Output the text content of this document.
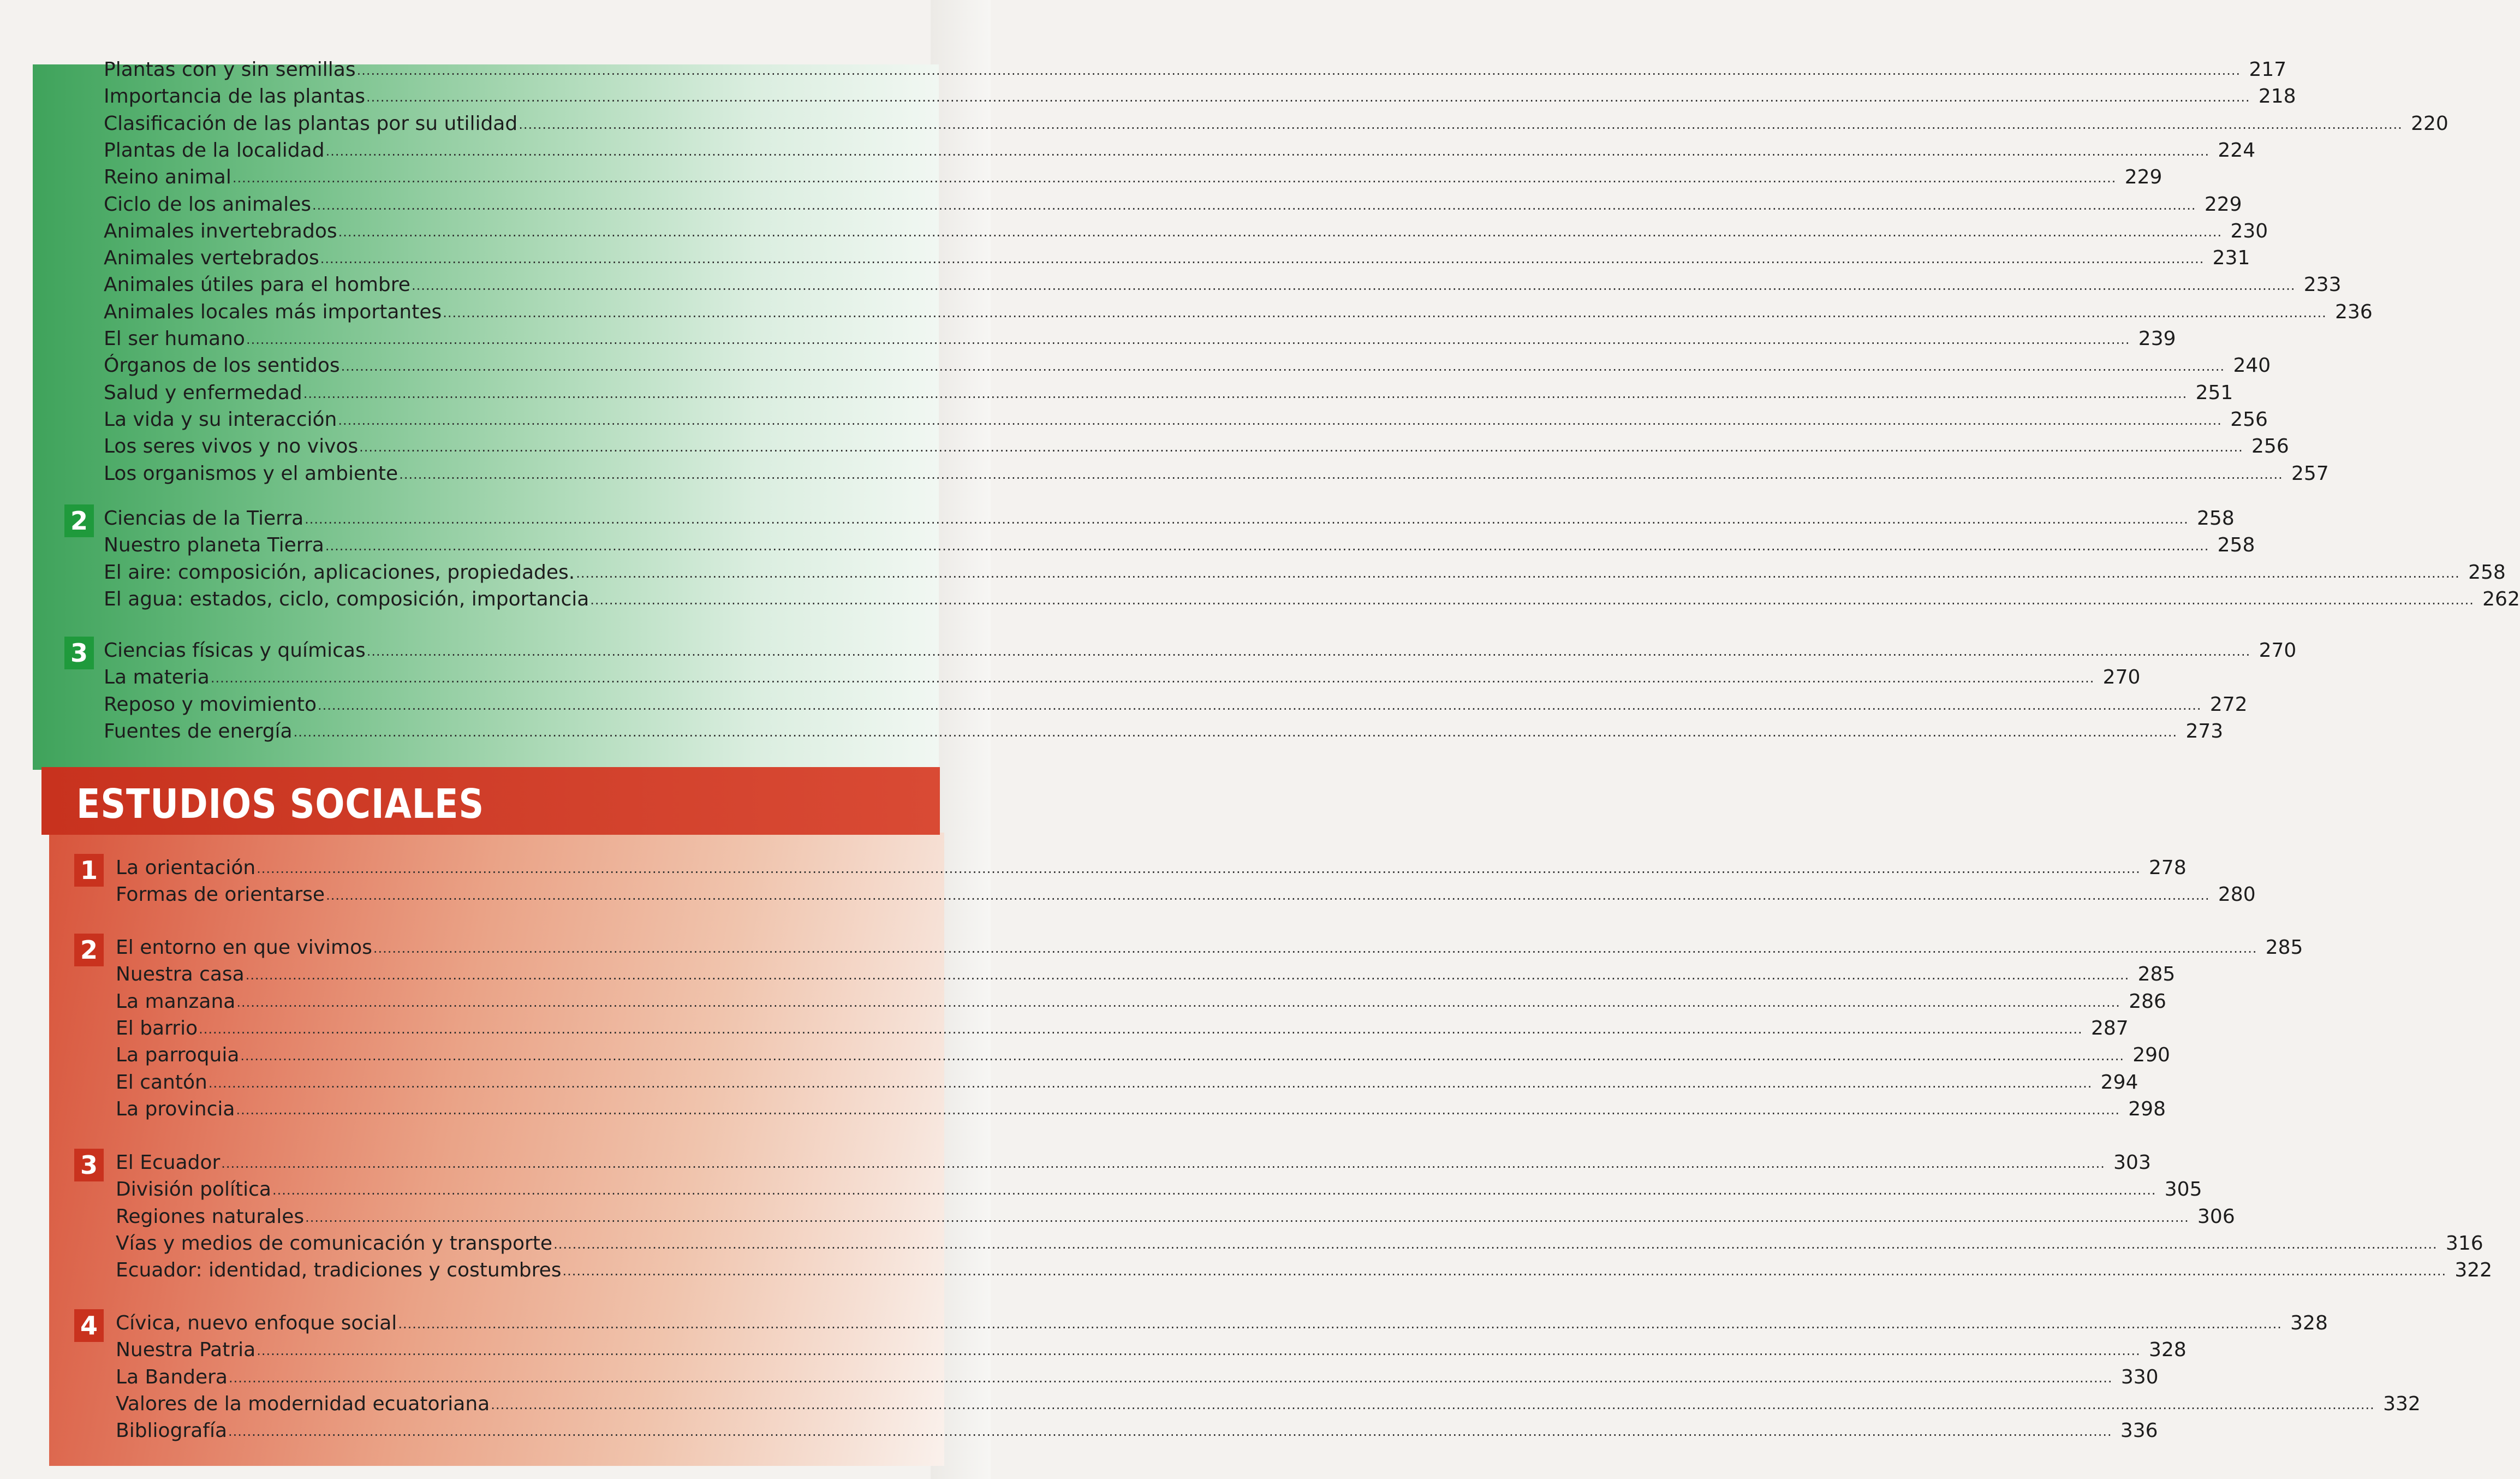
ESTUDIOS SOCIALES
Plantas con y sin semillas ................................................................................................................................................................................................................................................................................................................................................................................................................ 217
Importancia de las plantas ................................................................................................................................................................................................................................................................................................................................................................................................................ 218
Clasificación de las plantas por su utilidad ................................................................................................................................................................................................................................................................................................................................................................................................................ 220
Plantas de la localidad ................................................................................................................................................................................................................................................................................................................................................................................................................ 224
Reino animal ................................................................................................................................................................................................................................................................................................................................................................................................................ 229
Ciclo de los animales ................................................................................................................................................................................................................................................................................................................................................................................................................ 229
Animales invertebrados ................................................................................................................................................................................................................................................................................................................................................................................................................ 230
Animales vertebrados ................................................................................................................................................................................................................................................................................................................................................................................................................ 231
Animales útiles para el hombre ................................................................................................................................................................................................................................................................................................................................................................................................................ 233
Animales locales más importantes ................................................................................................................................................................................................................................................................................................................................................................................................................ 236
El ser humano ................................................................................................................................................................................................................................................................................................................................................................................................................ 239
Órganos de los sentidos ................................................................................................................................................................................................................................................................................................................................................................................................................ 240
Salud y enfermedad ................................................................................................................................................................................................................................................................................................................................................................................................................ 251
La vida y su interacción ................................................................................................................................................................................................................................................................................................................................................................................................................ 256
Los seres vivos y no vivos ................................................................................................................................................................................................................................................................................................................................................................................................................ 256
Los organismos y el ambiente ................................................................................................................................................................................................................................................................................................................................................................................................................ 257
2 Ciencias de la Tierra ................................................................................................................................................................................................................................................................................................................................................................................................................ 258
Nuestro planeta Tierra ................................................................................................................................................................................................................................................................................................................................................................................................................ 258
El aire: composición, aplicaciones, propiedades. ................................................................................................................................................................................................................................................................................................................................................................................................................ 258
El agua: estados, ciclo, composición, importancia ................................................................................................................................................................................................................................................................................................................................................................................................................ 262
3 Ciencias físicas y químicas ................................................................................................................................................................................................................................................................................................................................................................................................................ 270
La materia ................................................................................................................................................................................................................................................................................................................................................................................................................ 270
Reposo y movimiento ................................................................................................................................................................................................................................................................................................................................................................................................................ 272
Fuentes de energía ................................................................................................................................................................................................................................................................................................................................................................................................................ 273
1 La orientación ................................................................................................................................................................................................................................................................................................................................................................................................................ 278
Formas de orientarse ................................................................................................................................................................................................................................................................................................................................................................................................................ 280
2 El entorno en que vivimos ................................................................................................................................................................................................................................................................................................................................................................................................................ 285
Nuestra casa ................................................................................................................................................................................................................................................................................................................................................................................................................ 285
La manzana ................................................................................................................................................................................................................................................................................................................................................................................................................ 286
El barrio ................................................................................................................................................................................................................................................................................................................................................................................................................ 287
La parroquia ................................................................................................................................................................................................................................................................................................................................................................................................................ 290
El cantón ................................................................................................................................................................................................................................................................................................................................................................................................................ 294
La provincia ................................................................................................................................................................................................................................................................................................................................................................................................................ 298
3 El Ecuador ................................................................................................................................................................................................................................................................................................................................................................................................................ 303
División política ................................................................................................................................................................................................................................................................................................................................................................................................................ 305
Regiones naturales ................................................................................................................................................................................................................................................................................................................................................................................................................ 306
Vías y medios de comunicación y transporte ................................................................................................................................................................................................................................................................................................................................................................................................................ 316
Ecuador: identidad, tradiciones y costumbres ................................................................................................................................................................................................................................................................................................................................................................................................................ 322
4 Cívica, nuevo enfoque social ................................................................................................................................................................................................................................................................................................................................................................................................................ 328
Nuestra Patria ................................................................................................................................................................................................................................................................................................................................................................................................................ 328
La Bandera ................................................................................................................................................................................................................................................................................................................................................................................................................ 330
Valores de la modernidad ecuatoriana ................................................................................................................................................................................................................................................................................................................................................................................................................ 332
Bibliografía ................................................................................................................................................................................................................................................................................................................................................................................................................ 336
